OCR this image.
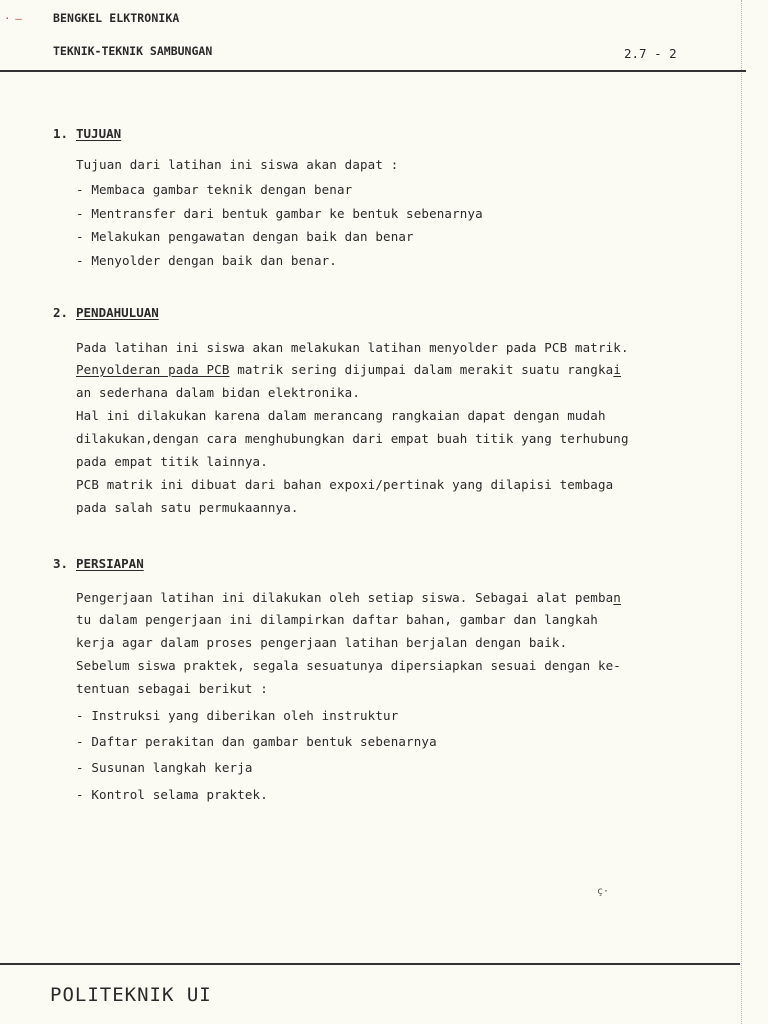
· —	BENGKEL ELKTRONIKA
TEKNIK-TEKNIK SAMBUNGAN	2.7 - 2
1. TUJUAN
Tujuan dari latihan ini siswa akan dapat :
- Membaca gambar teknik dengan benar
- Mentransfer dari bentuk gambar ke bentuk sebenarnya
- Melakukan pengawatan dengan baik dan benar
- Menyolder dengan baik dan benar.
2. PENDAHULUAN
Pada latihan ini siswa akan melakukan latihan menyolder pada PCB matrik.
Penyolderan pada PCB matrik sering dijumpai dalam merakit suatu rangkai
an sederhana dalam bidan elektronika.
Hal ini dilakukan karena dalam merancang rangkaian dapat dengan mudah
dilakukan,dengan cara menghubungkan dari empat buah titik yang terhubung
pada empat titik lainnya.
PCB matrik ini dibuat dari bahan expoxi/pertinak yang dilapisi tembaga
pada salah satu permukaannya.
3. PERSIAPAN
Pengerjaan latihan ini dilakukan oleh setiap siswa. Sebagai alat pemban
tu dalam pengerjaan ini dilampirkan daftar bahan, gambar dan langkah
kerja agar dalam proses pengerjaan latihan berjalan dengan baik.
Sebelum siswa praktek, segala sesuatunya dipersiapkan sesuai dengan ke-
tentuan sebagai berikut :
- Instruksi yang diberikan oleh instruktur
- Daftar perakitan dan gambar bentuk sebenarnya
- Susunan langkah kerja
- Kontrol selama praktek.
ç·
POLITEKNIK UI
